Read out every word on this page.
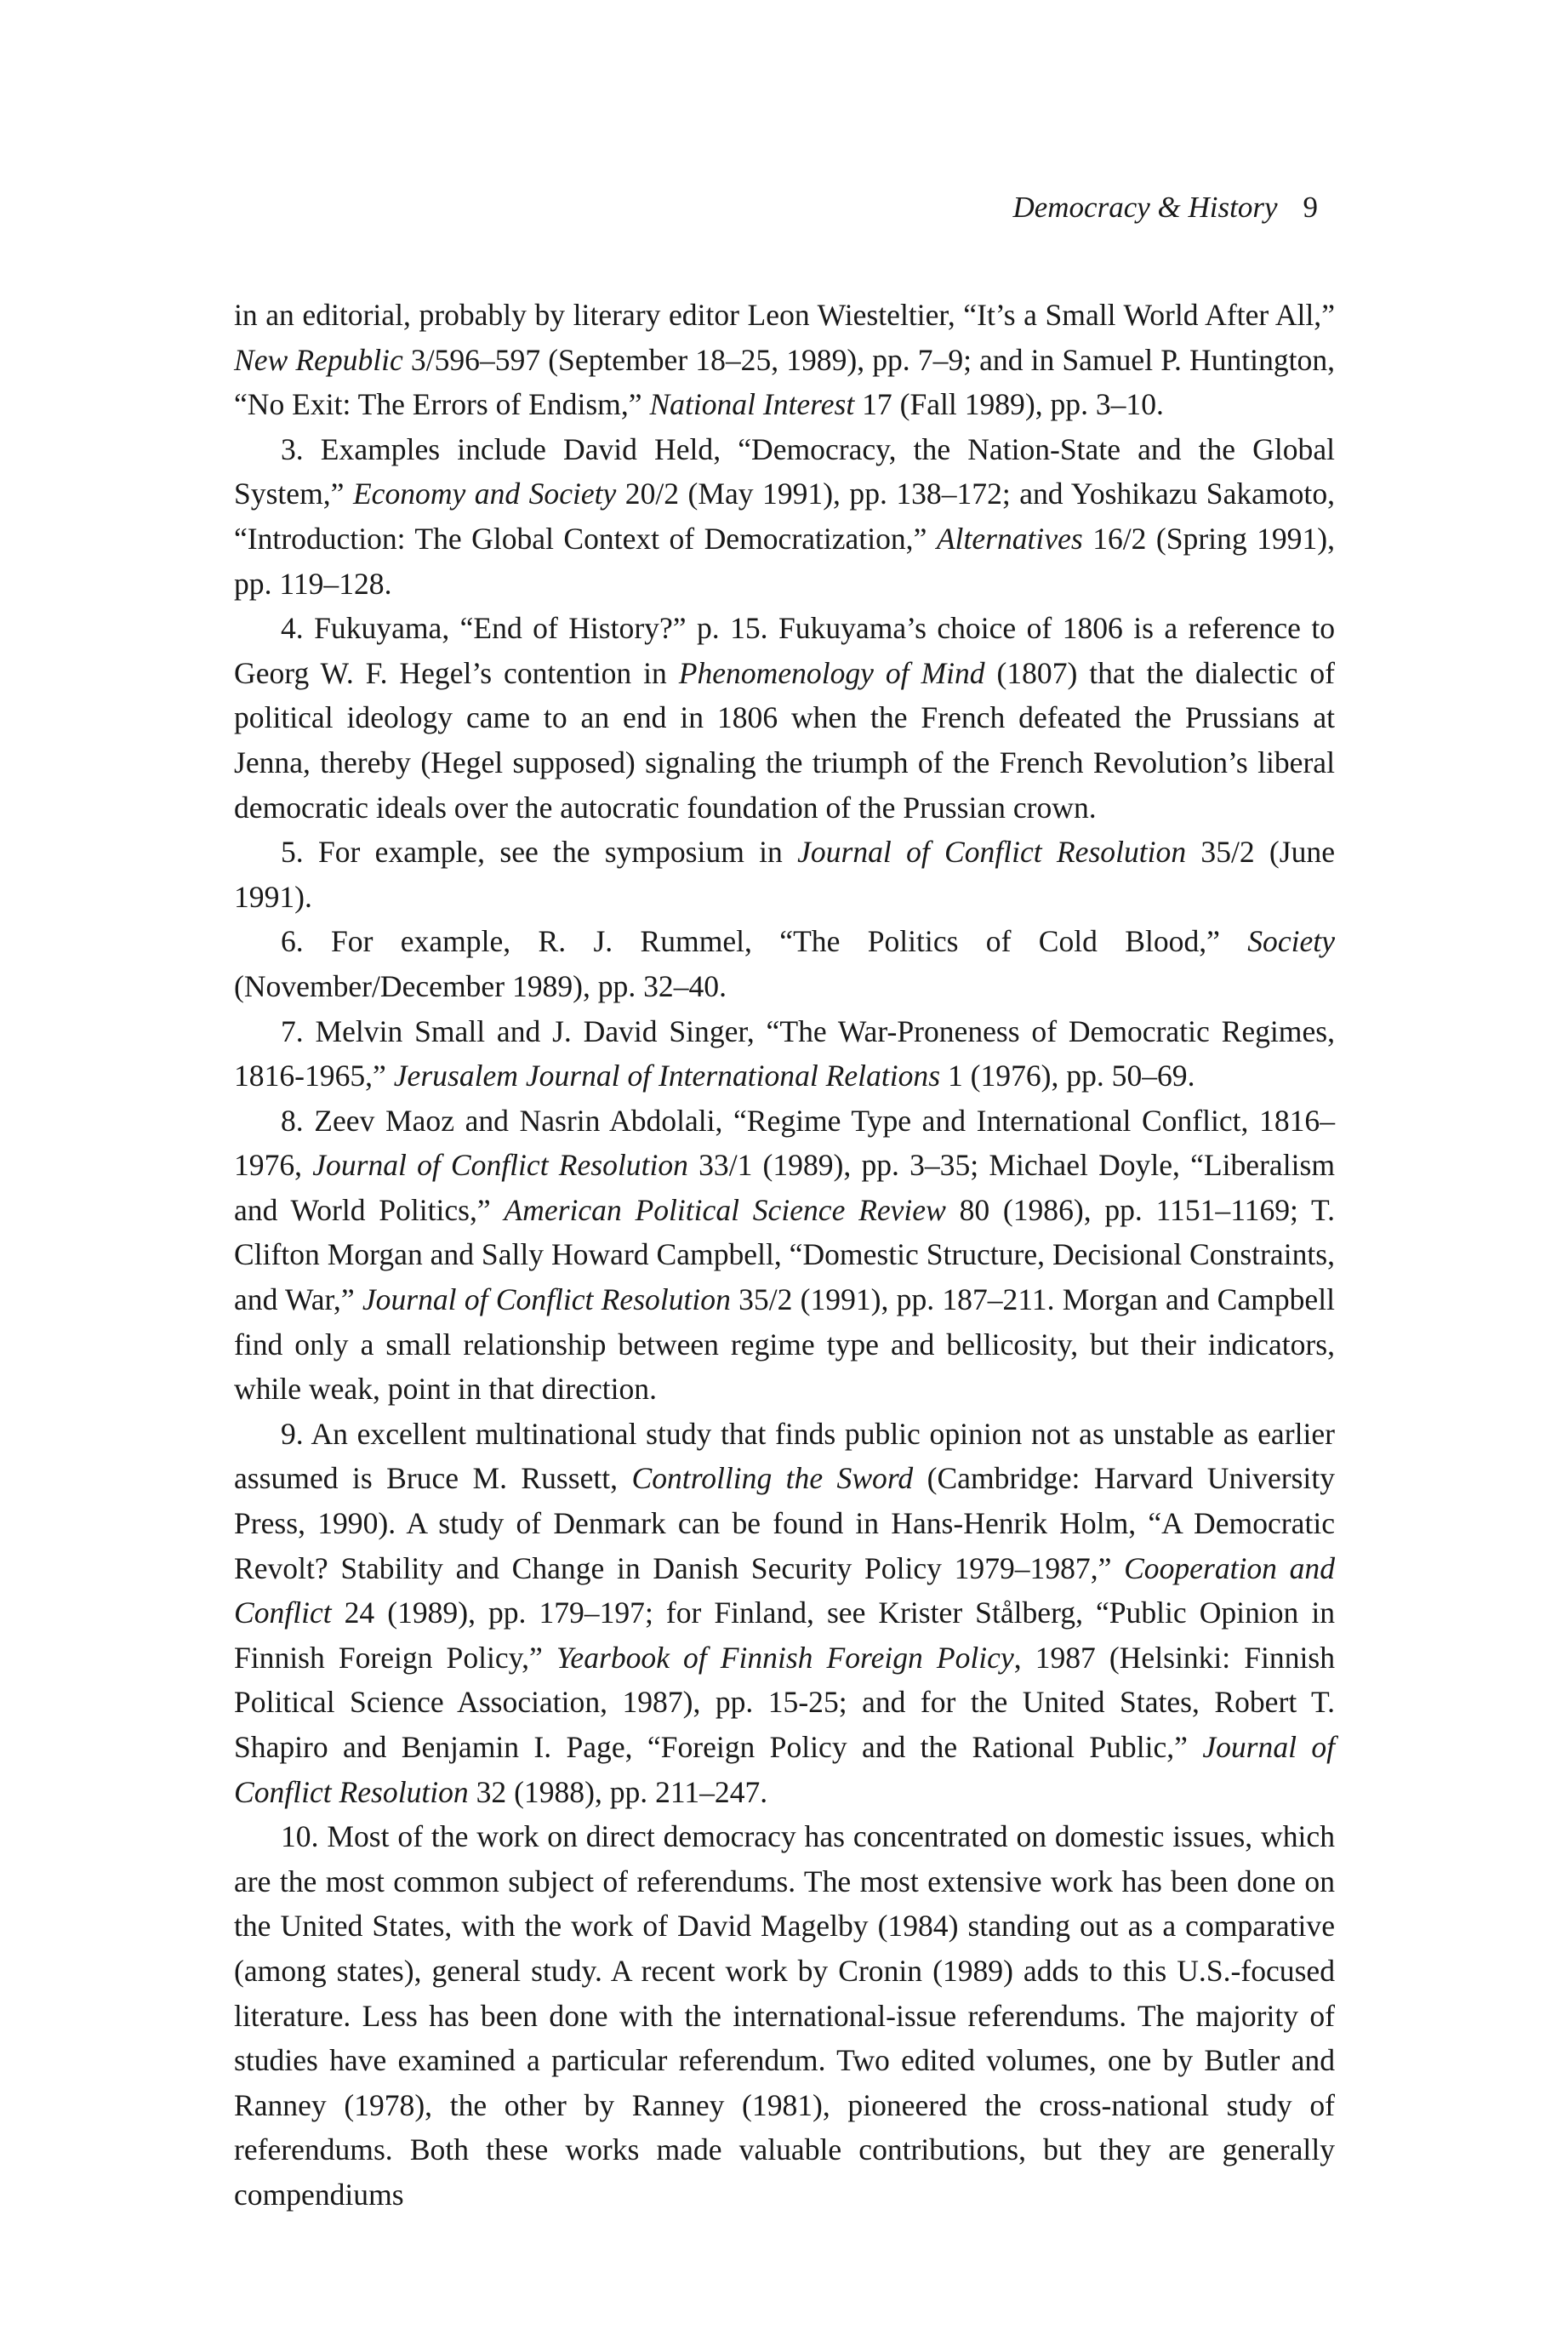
Democracy & History 9

in an editorial, probably by literary editor Leon Wiesteltier, “It’s a Small World After All,” New Republic 3/596–597 (September 18–25, 1989), pp. 7–9; and in Samuel P. Huntington, “No Exit: The Errors of Endism,” National Interest 17 (Fall 1989), pp. 3–10.

3. Examples include David Held, “Democracy, the Nation-State and the Global System,” Economy and Society 20/2 (May 1991), pp. 138–172; and Yoshikazu Sakamoto, “Introduction: The Global Context of Democratization,” Alternatives 16/2 (Spring 1991), pp. 119–128.

4. Fukuyama, “End of History?” p. 15. Fukuyama’s choice of 1806 is a reference to Georg W. F. Hegel’s contention in Phenomenology of Mind (1807) that the dialectic of political ideology came to an end in 1806 when the French defeated the Prussians at Jenna, thereby (Hegel supposed) signaling the triumph of the French Revolution’s liberal democratic ideals over the autocratic foundation of the Prussian crown.

5. For example, see the symposium in Journal of Conflict Resolution 35/2 (June 1991).

6. For example, R. J. Rummel, “The Politics of Cold Blood,” Society (November/December 1989), pp. 32–40.

7. Melvin Small and J. David Singer, “The War-Proneness of Democratic Regimes, 1816-1965,” Jerusalem Journal of International Relations 1 (1976), pp. 50–69.

8. Zeev Maoz and Nasrin Abdolali, “Regime Type and International Conflict, 1816–1976, Journal of Conflict Resolution 33/1 (1989), pp. 3–35; Michael Doyle, “Liberalism and World Politics,” American Political Science Review 80 (1986), pp. 1151–1169; T. Clifton Morgan and Sally Howard Campbell, “Domestic Structure, Decisional Constraints, and War,” Journal of Conflict Resolution 35/2 (1991), pp. 187–211. Morgan and Campbell find only a small relationship between regime type and bellicosity, but their indicators, while weak, point in that direction.

9. An excellent multinational study that finds public opinion not as unstable as earlier assumed is Bruce M. Russett, Controlling the Sword (Cambridge: Harvard University Press, 1990). A study of Denmark can be found in Hans-Henrik Holm, “A Democratic Revolt? Stability and Change in Danish Security Policy 1979–1987,” Cooperation and Conflict 24 (1989), pp. 179–197; for Finland, see Krister Stålberg, “Public Opinion in Finnish Foreign Policy,” Yearbook of Finnish Foreign Policy, 1987 (Helsinki: Finnish Political Science Association, 1987), pp. 15-25; and for the United States, Robert T. Shapiro and Benjamin I. Page, “Foreign Policy and the Rational Public,” Journal of Conflict Resolution 32 (1988), pp. 211–247.

10. Most of the work on direct democracy has concentrated on domestic issues, which are the most common subject of referendums. The most extensive work has been done on the United States, with the work of David Magelby (1984) standing out as a comparative (among states), general study. A recent work by Cronin (1989) adds to this U.S.-focused literature. Less has been done with the international-issue referendums. The majority of studies have examined a particular referendum. Two edited volumes, one by Butler and Ranney (1978), the other by Ranney (1981), pioneered the cross-national study of referendums. Both these works made valuable contributions, but they are generally compendiums
